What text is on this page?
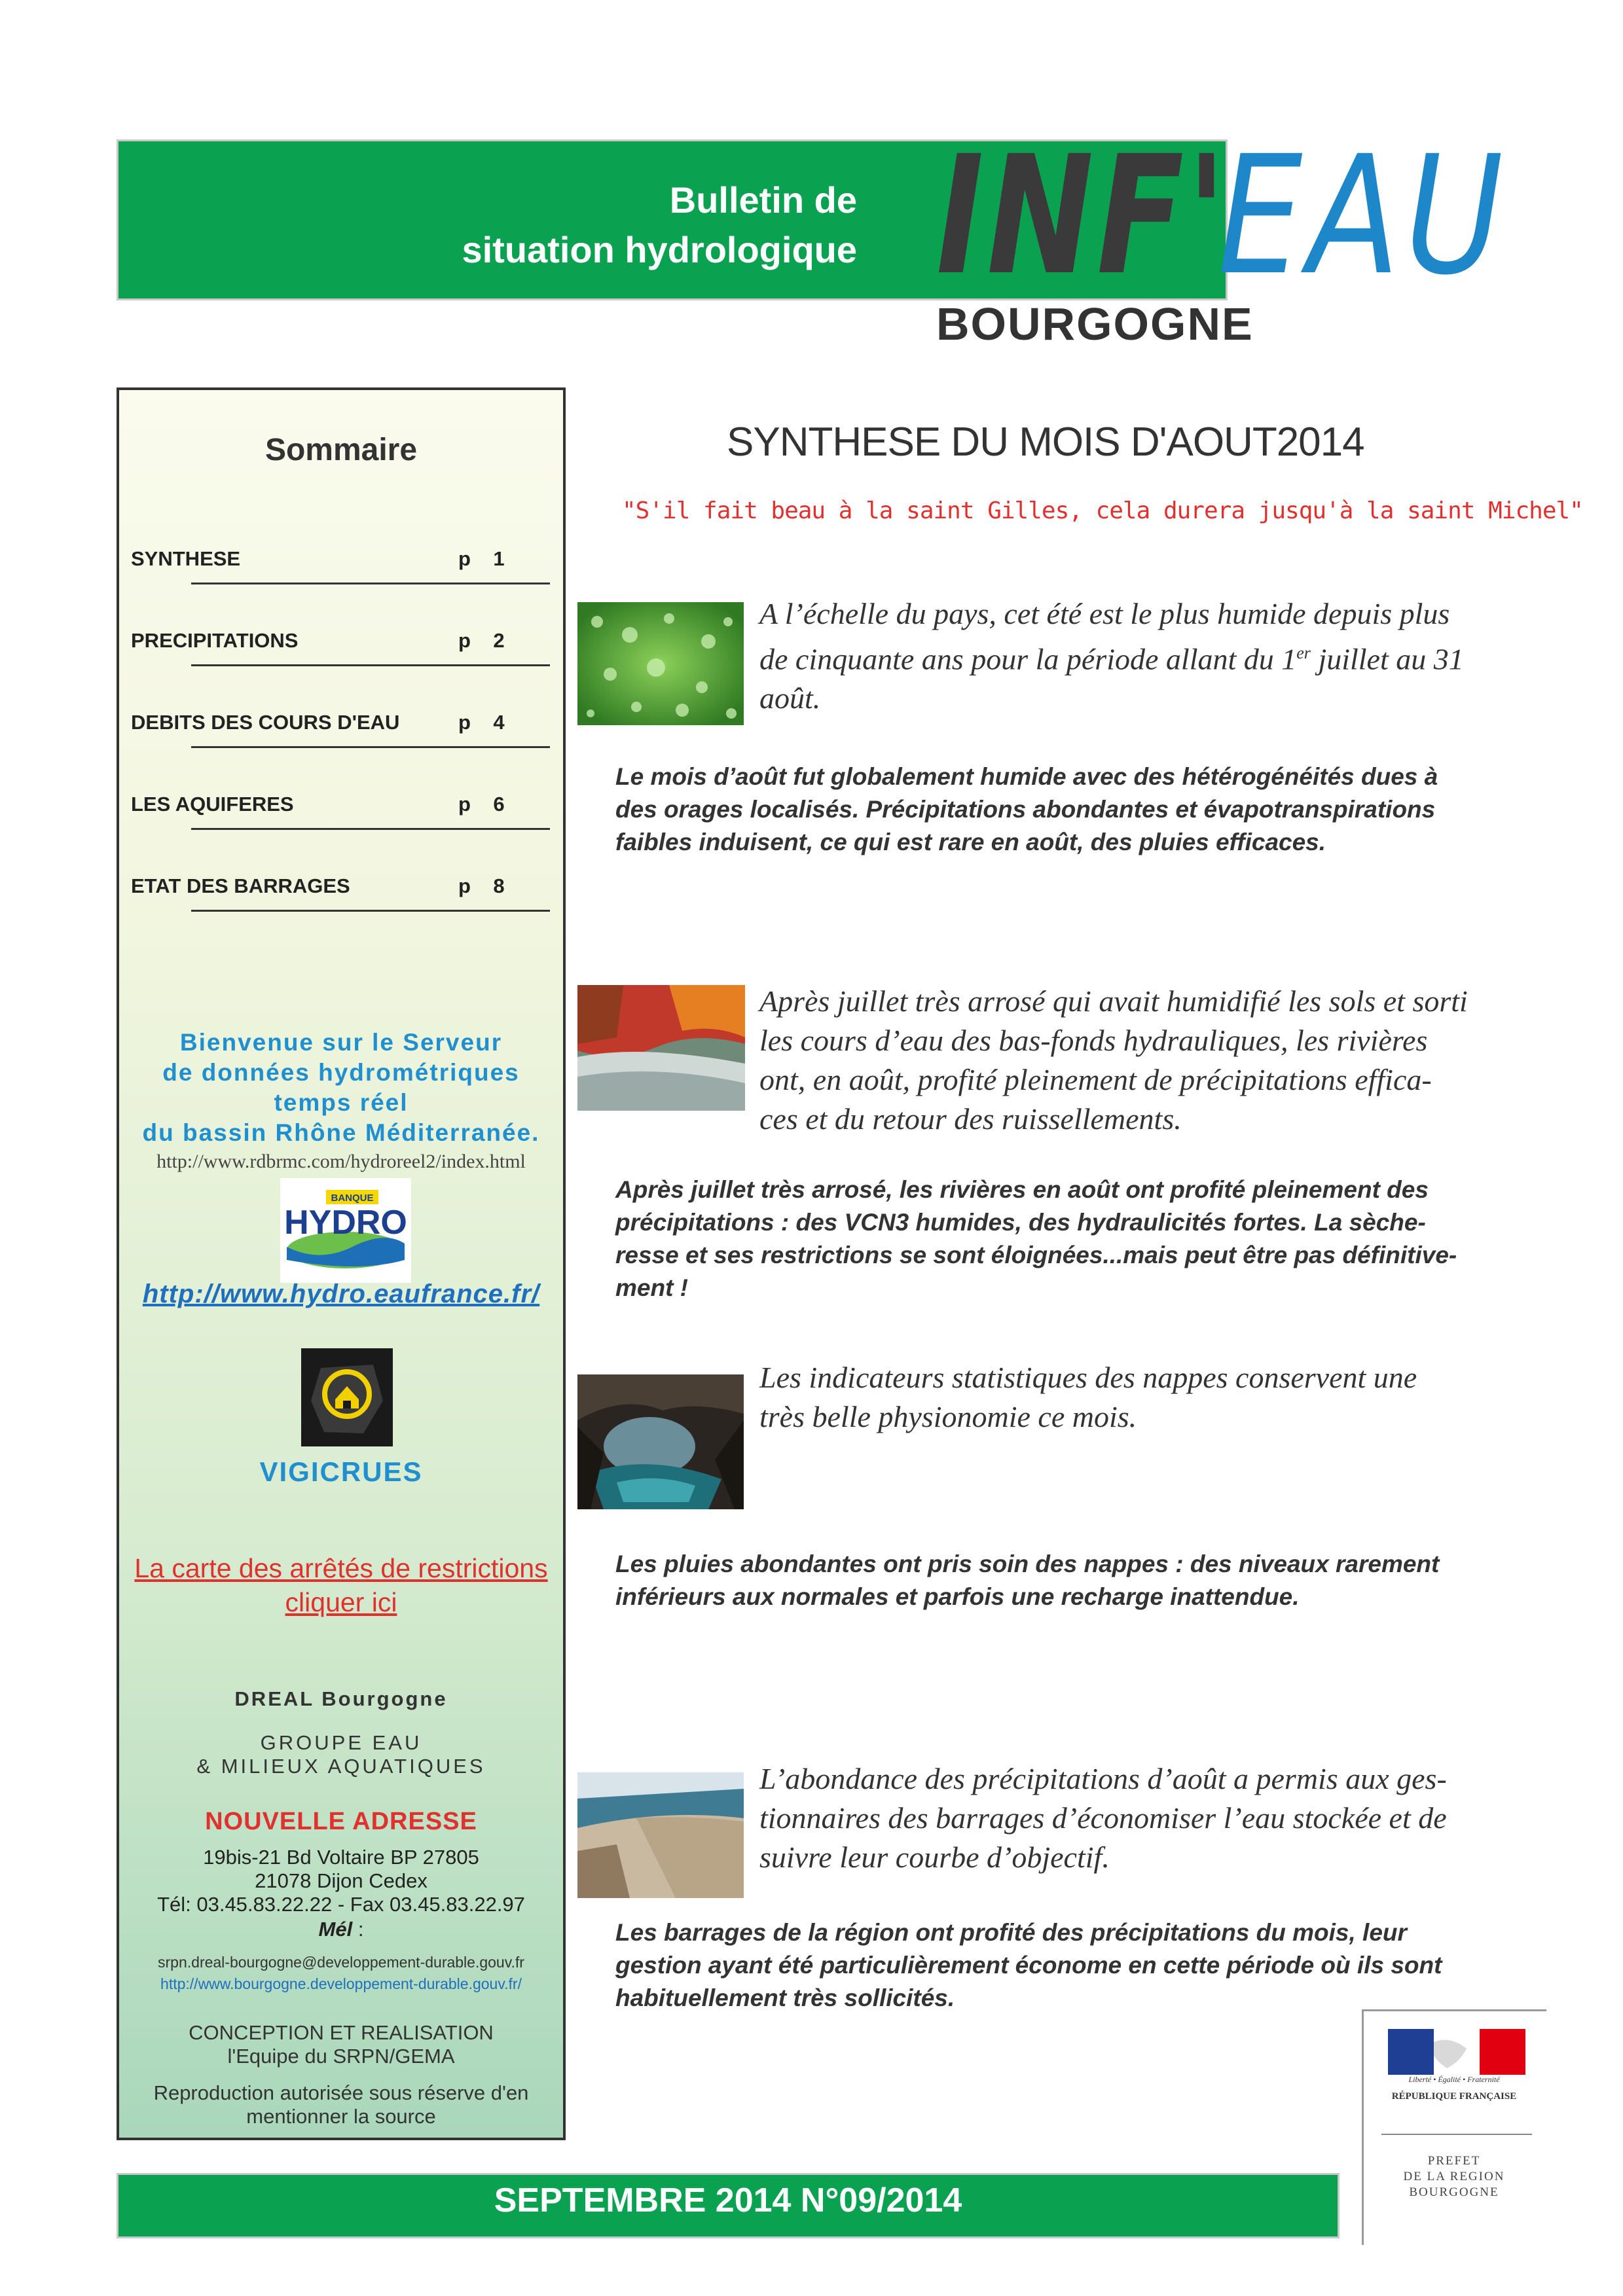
Bulletin de
situation hydrologique INF'
EAU
BOURGOGNE
Sommaire
SYNTHESE	p 1
PRECIPITATIONS	p 2
DEBITS DES COURS D'EAU	p 4
LES AQUIFERES	p 6
ETAT DES BARRAGES	p 8
Bienvenue sur le Serveur
de données hydrométriques
temps réel
du bassin Rhône Méditerranée.
http://www.rdbrmc.com/hydroreel2/index.html
BANQUE
HYDRO
http://www.hydro.eaufrance.fr/
VIGICRUES
La carte des arrêtés de restrictions
cliquer ici
DREAL Bourgogne
GROUPE EAU
& MILIEUX AQUATIQUES
NOUVELLE ADRESSE
19bis-21 Bd Voltaire BP 27805
21078 Dijon Cedex
Tél: 03.45.83.22.22 - Fax 03.45.83.22.97
Mél :
srpn.dreal-bourgogne@developpement-durable.gouv.fr
http://www.bourgogne.developpement-durable.gouv.fr/
CONCEPTION ET REALISATION
l'Equipe du SRPN/GEMA
Reproduction autorisée sous réserve d'en
mentionner la source
SYNTHESE DU MOIS D'AOUT2014
"S'il fait beau à la saint Gilles, cela durera jusqu'à la saint Michel"
A l’échelle du pays, cet été est le plus humide depuis plus
de cinquante ans pour la période allant du 1er juillet au 31
août.
Le mois d’août fut globalement humide avec des hétérogénéités dues à
des orages localisés. Précipitations abondantes et évapotranspirations
faibles induisent, ce qui est rare en août, des pluies efficaces.
Après juillet très arrosé qui avait humidifié les sols et sorti
les cours d’eau des bas-fonds hydrauliques, les rivières
ont, en août, profité pleinement de précipitations effica-
ces et du retour des ruissellements.
Après juillet très arrosé, les rivières en août ont profité pleinement des
précipitations : des VCN3 humides, des hydraulicités fortes. La sèche-
resse et ses restrictions se sont éloignées...mais peut être pas définitive-
ment !
Les indicateurs statistiques des nappes conservent une
très belle physionomie ce mois.
Les pluies abondantes ont pris soin des nappes : des niveaux rarement
inférieurs aux normales et parfois une recharge inattendue.
L’abondance des précipitations d’août a permis aux ges-
tionnaires des barrages d’économiser l’eau stockée et de
suivre leur courbe d’objectif.
Les barrages de la région ont profité des précipitations du mois, leur
gestion ayant été particulièrement économe en cette période où ils sont
habituellement très sollicités.
Liberté • Égalité • Fraternité
RÉPUBLIQUE FRANÇAISE
PREFET
DE LA REGION
BOURGOGNE
SEPTEMBRE 2014 N°09/2014
